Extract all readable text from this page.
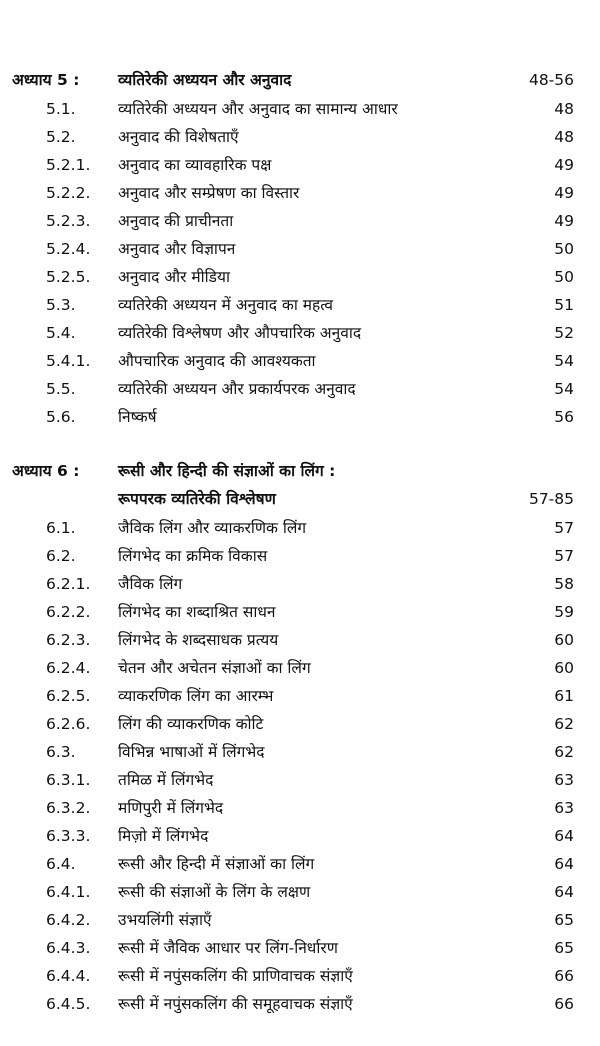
अध्याय 5 : व्यतिरेकी अध्ययन और अनुवाद	48-56
5.1.	व्यतिरेकी अध्ययन और अनुवाद का सामान्य आधार	48
5.2.	अनुवाद की विशेषताएँ	48
5.2.1.	अनुवाद का व्यावहारिक पक्ष	49
5.2.2.	अनुवाद और सम्प्रेषण का विस्तार	49
5.2.3.	अनुवाद की प्राचीनता	49
5.2.4.	अनुवाद और विज्ञापन	50
5.2.5.	अनुवाद और मीडिया	50
5.3.	व्यतिरेकी अध्ययन में अनुवाद का महत्व	51
5.4.	व्यतिरेकी विश्लेषण और औपचारिक अनुवाद	52
5.4.1.	औपचारिक अनुवाद की आवश्यकता	54
5.5.	व्यतिरेकी अध्ययन और प्रकार्यपरक अनुवाद	54
5.6.	निष्कर्ष	56
अध्याय 6 : रूसी और हिन्दी की संज्ञाओं का लिंग :
रूपपरक व्यतिरेकी विश्लेषण	57-85
6.1.	जैविक लिंग और व्याकरणिक लिंग	57
6.2.	लिंगभेद का क्रमिक विकास	57
6.2.1.	जैविक लिंग	58
6.2.2.	लिंगभेद का शब्दाश्रित साधन	59
6.2.3.	लिंगभेद के शब्दसाधक प्रत्यय	60
6.2.4.	चेतन और अचेतन संज्ञाओं का लिंग	60
6.2.5.	व्याकरणिक लिंग का आरम्भ	61
6.2.6.	लिंग की व्याकरणिक कोटि	62
6.3.	विभिन्न भाषाओं में लिंगभेद	62
6.3.1.	तमिळ में लिंगभेद	63
6.3.2.	मणिपुरी में लिंगभेद	63
6.3.3.	मिज़ो में लिंगभेद	64
6.4.	रूसी और हिन्दी में संज्ञाओं का लिंग	64
6.4.1.	रूसी की संज्ञाओं के लिंग के लक्षण	64
6.4.2.	उभयलिंगी संज्ञाएँ	65
6.4.3.	रूसी में जैविक आधार पर लिंग-निर्धारण	65
6.4.4.	रूसी में नपुंसकलिंग की प्राणिवाचक संज्ञाएँ	66
6.4.5.	रूसी में नपुंसकलिंग की समूहवाचक संज्ञाएँ	66
